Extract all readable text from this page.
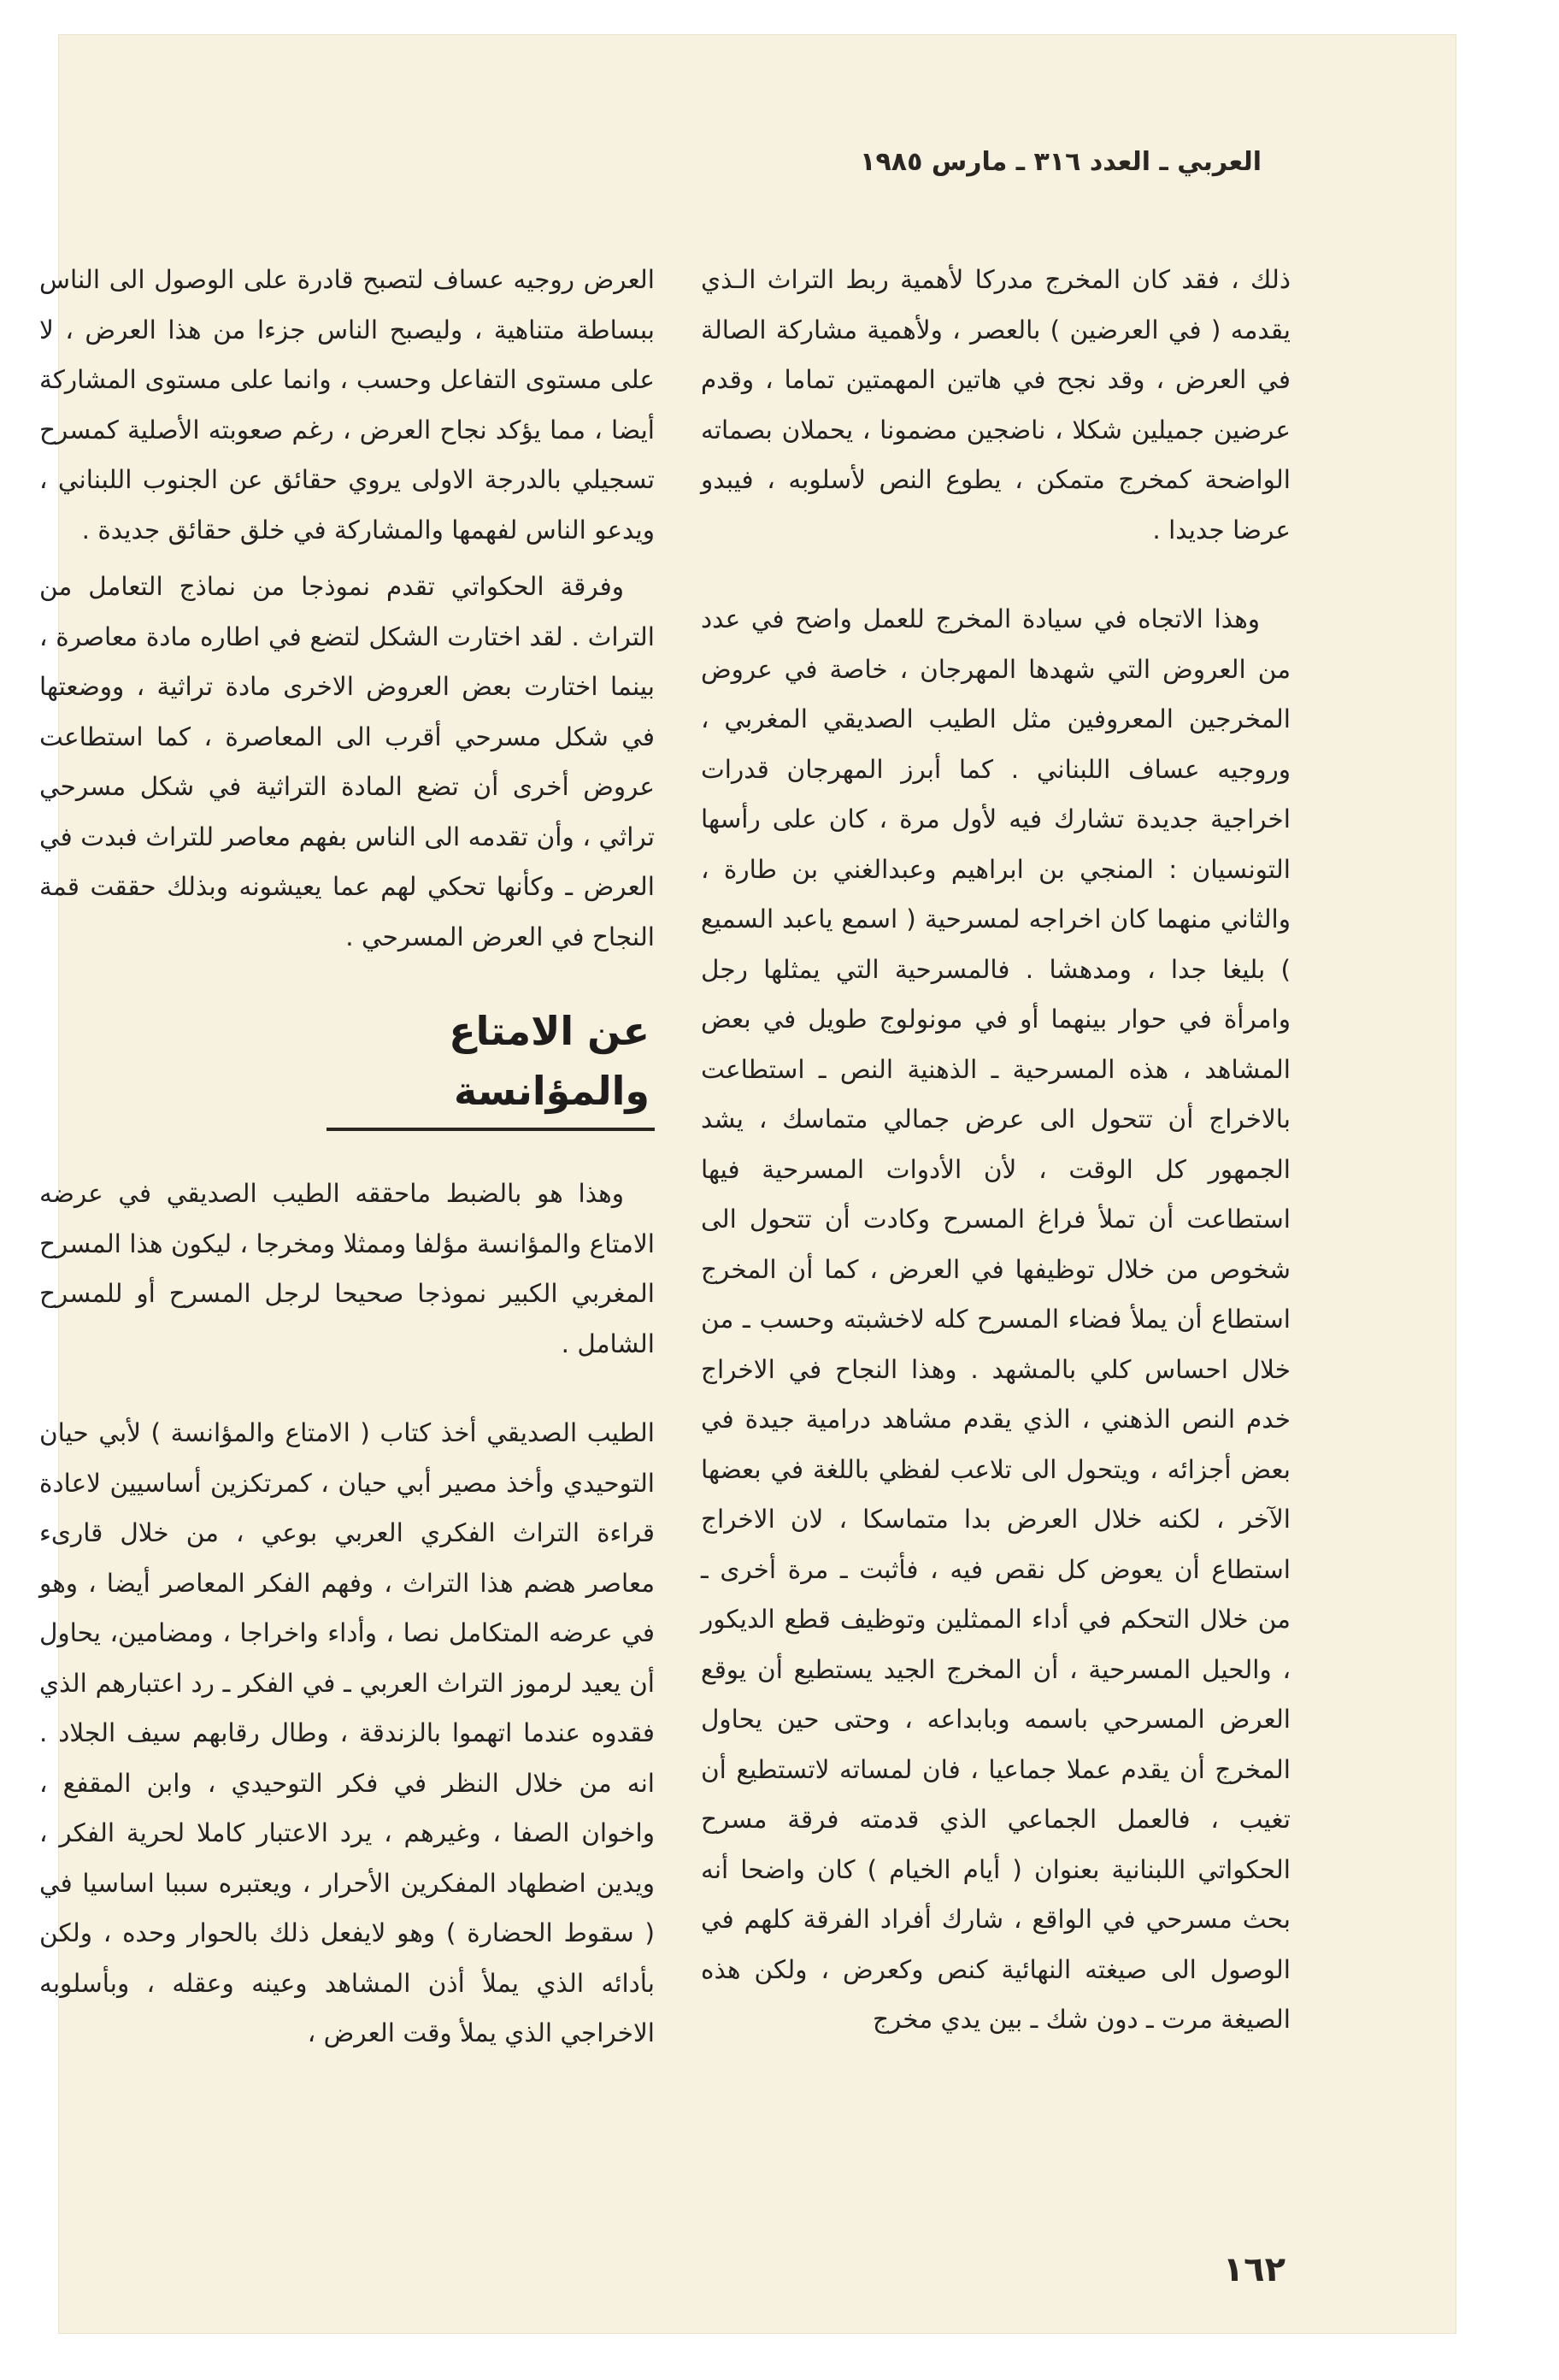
العربي ـ العدد ٣١٦ ـ مارس ١٩٨٥

ذلك ، فقد كان المخرج مدركا لأهمية ربط التراث الـذي يقدمه ( في العرضين ) بالعصر ، ولأهمية مشاركة الصالة في العرض ، وقد نجح في هاتين المهمتين تماما ، وقدم عرضين جميلين شكلا ، ناضجين مضمونا ، يحملان بصماته الواضحة كمخرج متمكن ، يطوع النص لأسلوبه ، فيبدو عرضا جديدا .

وهذا الاتجاه في سيادة المخرج للعمل واضح في عدد من العروض التي شهدها المهرجان ، خاصة في عروض المخرجين المعروفين مثل الطيب الصديقي المغربي ، وروجيه عساف اللبناني . كما أبرز المهرجان قدرات اخراجية جديدة تشارك فيه لأول مرة ، كان على رأسها التونسيان : المنجي بن ابراهيم وعبدالغني بن طارة ، والثاني منهما كان اخراجه لمسرحية ( اسمع ياعبد السميع ) بليغا جدا ، ومدهشا . فالمسرحية التي يمثلها رجل وامرأة في حوار بينهما أو في مونولوج طويل في بعض المشاهد ، هذه المسرحية ـ الذهنية النص ـ استطاعت بالاخراج أن تتحول الى عرض جمالي متماسك ، يشد الجمهور كل الوقت ، لأن الأدوات المسرحية فيها استطاعت أن تملأ فراغ المسرح وكادت أن تتحول الى شخوص من خلال توظيفها في العرض ، كما أن المخرج استطاع أن يملأ فضاء المسرح كله لاخشبته وحسب ـ من خلال احساس كلي بالمشهد . وهذا النجاح في الاخراج خدم النص الذهني ، الذي يقدم مشاهد درامية جيدة في بعض أجزائه ، ويتحول الى تلاعب لفظي باللغة في بعضها الآخر ، لكنه خلال العرض بدا متماسكا ، لان الاخراج استطاع أن يعوض كل نقص فيه ، فأثبت ـ مرة أخرى ـ من خلال التحكم في أداء الممثلين وتوظيف قطع الديكور ، والحيل المسرحية ، أن المخرج الجيد يستطيع أن يوقع العرض المسرحي باسمه وبابداعه ، وحتى حين يحاول المخرج أن يقدم عملا جماعيا ، فان لمساته لاتستطيع أن تغيب ، فالعمل الجماعي الذي قدمته فرقة مسرح الحكواتي اللبنانية بعنوان ( أيام الخيام ) كان واضحا أنه بحث مسرحي في الواقع ، شارك أفراد الفرقة كلهم في الوصول الى صيغته النهائية كنص وكعرض ، ولكن هذه الصيغة مرت ـ دون شك ـ بين يدي مخرج

العرض روجيه عساف لتصبح قادرة على الوصول الى الناس ببساطة متناهية ، وليصبح الناس جزءا من هذا العرض ، لا على مستوى التفاعل وحسب ، وانما على مستوى المشاركة أيضا ، مما يؤكد نجاح العرض ، رغم صعوبته الأصلية كمسرح تسجيلي بالدرجة الاولى يروي حقائق عن الجنوب اللبناني ، ويدعو الناس لفهمها والمشاركة في خلق حقائق جديدة .

وفرقة الحكواتي تقدم نموذجا من نماذج التعامل من التراث . لقد اختارت الشكل لتضع في اطاره مادة معاصرة ، بينما اختارت بعض العروض الاخرى مادة تراثية ، ووضعتها في شكل مسرحي أقرب الى المعاصرة ، كما استطاعت عروض أخرى أن تضع المادة التراثية في شكل مسرحي تراثي ، وأن تقدمه الى الناس بفهم معاصر للتراث فبدت في العرض ـ وكأنها تحكي لهم عما يعيشونه وبذلك حققت قمة النجاح في العرض المسرحي .

عن الامتاع والمؤانسة

وهذا هو بالضبط ماحققه الطيب الصديقي في عرضه الامتاع والمؤانسة مؤلفا وممثلا ومخرجا ، ليكون هذا المسرح المغربي الكبير نموذجا صحيحا لرجل المسرح أو للمسرح الشامل .

الطيب الصديقي أخذ كتاب ( الامتاع والمؤانسة ) لأبي حيان التوحيدي وأخذ مصير أبي حيان ، كمرتكزين أساسيين لاعادة قراءة التراث الفكري العربي بوعي ، من خلال قارىء معاصر هضم هذا التراث ، وفهم الفكر المعاصر أيضا ، وهو في عرضه المتكامل نصا ، وأداء واخراجا ، ومضامين، يحاول أن يعيد لرموز التراث العربي ـ في الفكر ـ رد اعتبارهم الذي فقدوه عندما اتهموا بالزندقة ، وطال رقابهم سيف الجلاد . انه من خلال النظر في فكر التوحيدي ، وابن المقفع ، واخوان الصفا ، وغيرهم ، يرد الاعتبار كاملا لحرية الفكر ، ويدين اضطهاد المفكرين الأحرار ، ويعتبره سببا اساسيا في ( سقوط الحضارة ) وهو لايفعل ذلك بالحوار وحده ، ولكن بأدائه الذي يملأ أذن المشاهد وعينه وعقله ، وبأسلوبه الاخراجي الذي يملأ وقت العرض ،

١٦٢
